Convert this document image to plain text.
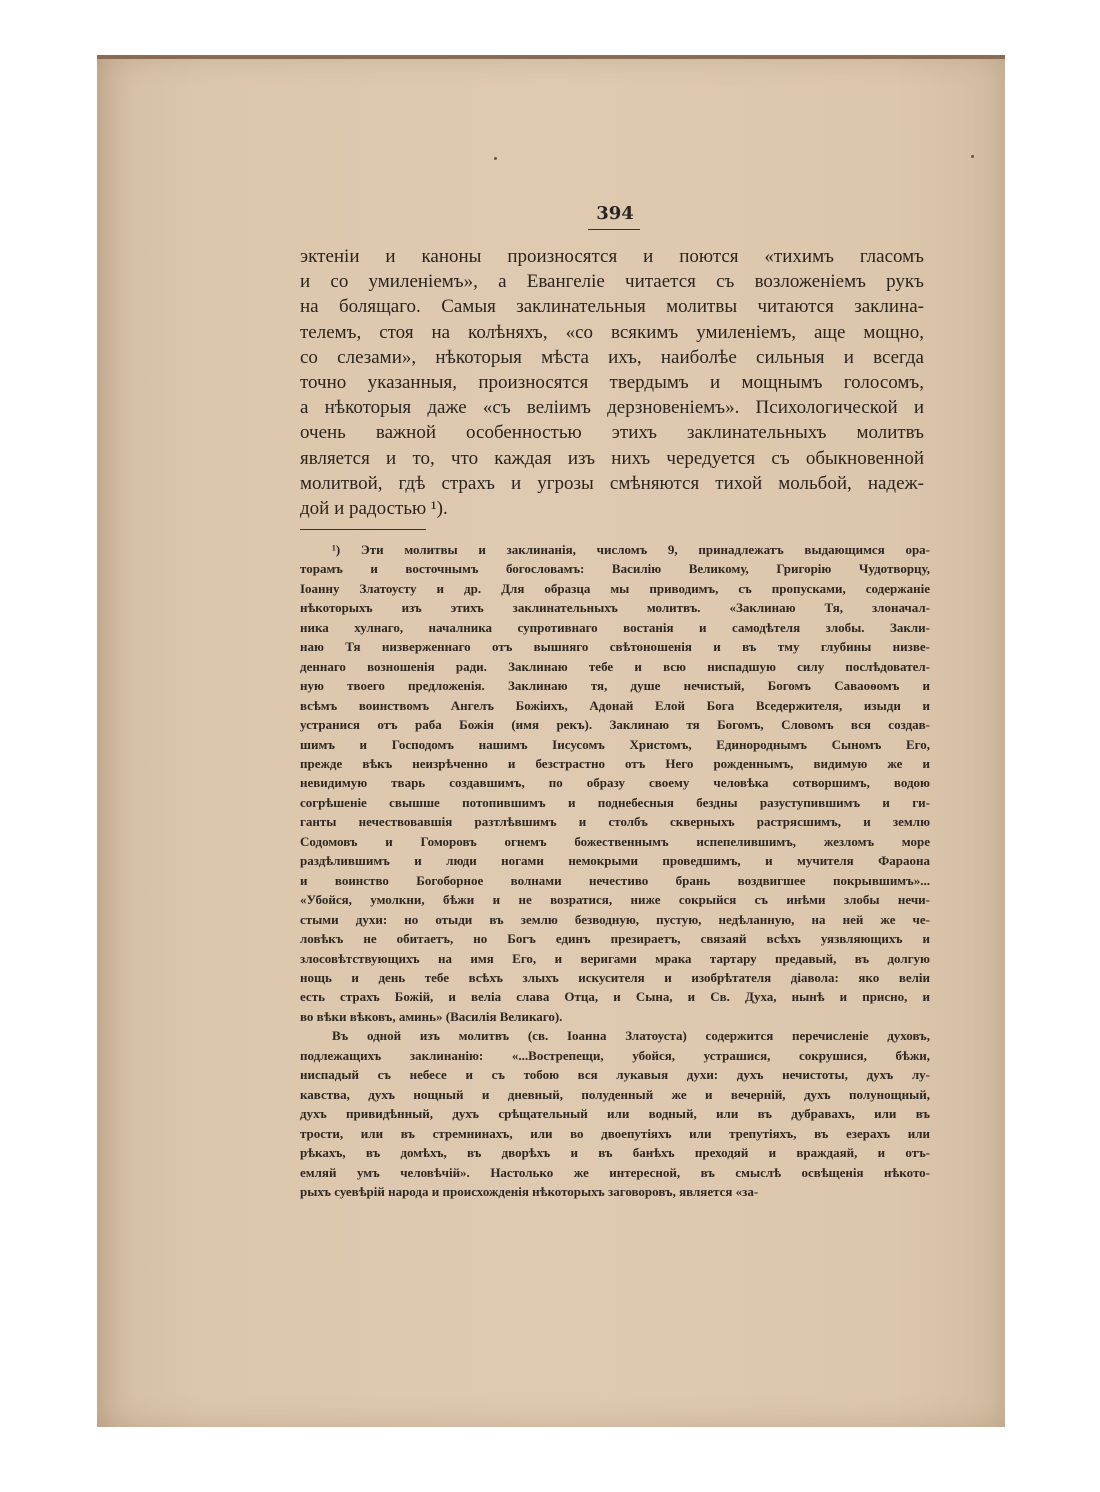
394
эктеніи и каноны произносятся и поются «тихимъ гласомъ
и со умиленіемъ», а Евангеліе читается съ возложеніемъ рукъ
на болящаго. Самыя заклинательныя молитвы читаются заклина-
телемъ, стоя на колѣняхъ, «со всякимъ умиленіемъ, аще мощно,
со слезами», нѣкоторыя мѣста ихъ, наиболѣе сильныя и всегда
точно указанныя, произносятся твердымъ и мощнымъ голосомъ,
а нѣкоторыя даже «съ веліимъ дерзновеніемъ». Психологической и
очень важной особенностью этихъ заклинательныхъ молитвъ
является и то, что каждая изъ нихъ чередуется съ обыкновенной
молитвой, гдѣ страхъ и угрозы смѣняются тихой мольбой, надеж-
дой и радостью ¹).
¹) Эти молитвы и заклинанія, числомъ 9, принадлежатъ выдающимся ора-
торамъ и восточнымъ богословамъ: Василію Великому, Григорію Чудотворцу,
Іоанну Златоусту и др. Для образца мы приводимъ, съ пропусками, содержаніе
нѣкоторыхъ изъ этихъ заклинательныхъ молитвъ. «Заклинаю Тя, злоначал-
ника хулнаго, началника супротивнаго востанія и самодѣтеля злобы. Закли-
наю Тя низверженнаго отъ вышняго свѣтоношенія и въ тму глубины низве-
деннаго возношенія ради. Заклинаю тебе и всю ниспадшую силу послѣдовател-
ную твоего предложенія. Заклинаю тя, душе нечистый, Богомъ Саваоѳомъ и
всѣмъ воинствомъ Ангелъ Божіихъ, Адонай Елой Бога Вседержителя, изыди и
устранися отъ раба Божія (имя рекъ). Заклинаю тя Богомъ, Словомъ вся создав-
шимъ и Господомъ нашимъ Іисусомъ Христомъ, Единороднымъ Сыномъ Его,
прежде вѣкъ неизрѣченно и безстрастно отъ Него рожденнымъ, видимую же и
невидимую тварь создавшимъ, по образу своему человѣка сотворшимъ, водою
согрѣшеніе свышше потопившимъ и поднебесныя бездны разуступившимъ и ги-
ганты нечествовавшія разтлѣвшимъ и столбъ скверныхъ растрясшимъ, и землю
Содомовъ и Гоморовъ огнемъ божественнымъ испепелившимъ, жезломъ море
раздѣлившимъ и люди ногами немокрыми проведшимъ, и мучителя Фараона
и воинство Богоборное волнами нечестиво брань воздвигшее покрывшимъ»...
«Убойся, умолкни, бѣжи и не возратися, ниже сокрыйся съ инѣми злобы нечи-
стыми духи: но отыди въ землю безводную, пустую, недѣланную, на ней же че-
ловѣкъ не обитаетъ, но Богъ единъ презираетъ, связаяй всѣхъ уязвляющихъ и
злосовѣтствующихъ на имя Его, и веригами мрака тартару предавый, въ долгую
нощь и день тебе всѣхъ злыхъ искусителя и изобрѣтателя діавола: яко веліи
есть страхъ Божій, и веліа слава Отца, и Сына, и Св. Духа, нынѣ и присно, и
во вѣки вѣковъ, аминь» (Василія Великаго).
Въ одной изъ молитвъ (св. Іоанна Златоуста) содержится перечисленіе духовъ,
подлежащихъ заклинанію: «...Вострепещи, убойся, устрашися, сокрушися, бѣжи,
ниспадый съ небесе и съ тобою вся лукавыя духи: духъ нечистоты, духъ лу-
кавства, духъ нощный и дневный, полуденный же и вечерній, духъ полунощный,
духъ привидѣнный, духъ срѣщательный или водный, или въ дубравахъ, или въ
трости, или въ стремнинахъ, или во двоепутіяхъ или трепутіяхъ, въ езерахъ или
рѣкахъ, въ домѣхъ, въ дворѣхъ и въ банѣхъ преходяй и враждаяй, и отъ-
емляй умъ человѣчій». Настолько же интересной, въ смыслѣ освѣщенія нѣкото-
рыхъ суевѣрій народа и происхожденія нѣкоторыхъ заговоровъ, является «за-
